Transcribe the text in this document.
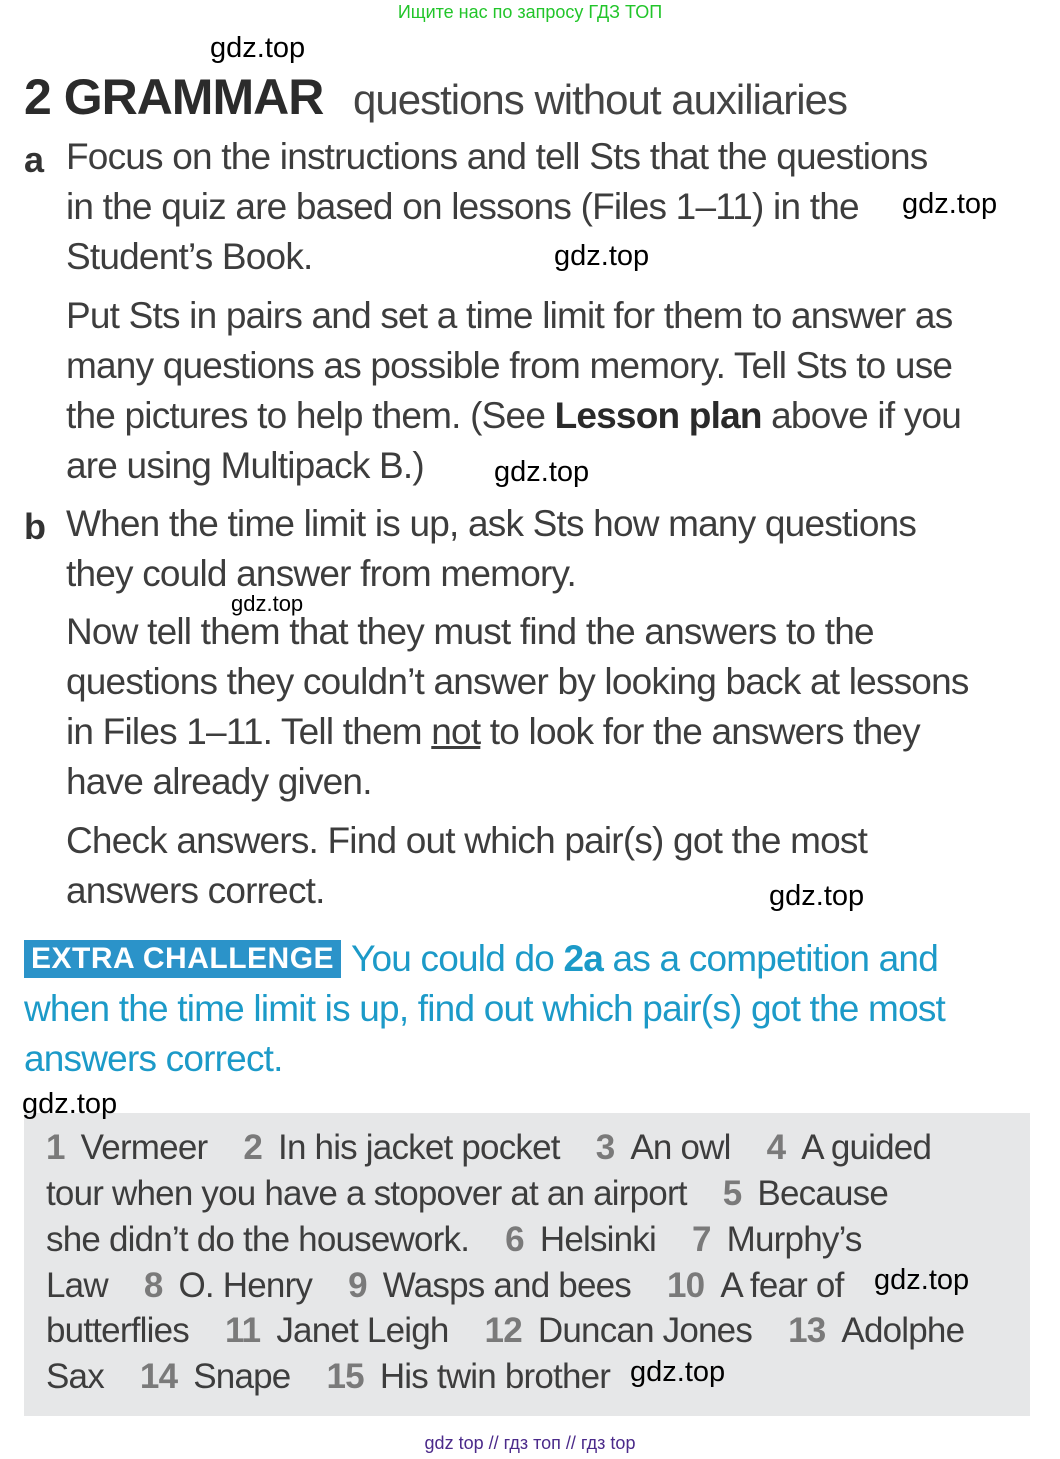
Ищите нас по запросу ГДЗ ТОП
gdz.top
2 GRAMMAR questions without auxiliaries
a Focus on the instructions and tell Sts that the questions
in the quiz are based on lessons (Files 1–11) in the gdz.top
Student’s Book.	gdz.top
Put Sts in pairs and set a time limit for them to answer as
many questions as possible from memory. Tell Sts to use
the pictures to help them. (See Lesson plan above if you
are using Multipack B.) gdz.top
b When the time limit is up, ask Sts how many questions
they could answer from memory.
gdz.top
Now tell them that they must find the answers to the
questions they couldn’t answer by looking back at lessons
in Files 1–11. Tell them not to look for the answers they
have already given.
Check answers. Find out which pair(s) got the most
answers correct.	gdz.top
EXTRA CHALLENGE You could do 2a as a competition and
when the time limit is up, find out which pair(s) got the most
answers correct.
1 Vermeer 2 In his jacket pocket 3 An owl 4 A guided
tour when you have a stopover at an airport 5 Because
she didn’t do the housework. 6 Helsinki 7 Murphy’s
Law 8 O. Henry 9 Wasps and bees 10 A fear of
butterflies 11 Janet Leigh 12 Duncan Jones 13 Adolphe
Sax 14 Snape 15 His twin brother
gdz.top
gdz.top
gdz.top
gdz top // гдз топ // гдз top
